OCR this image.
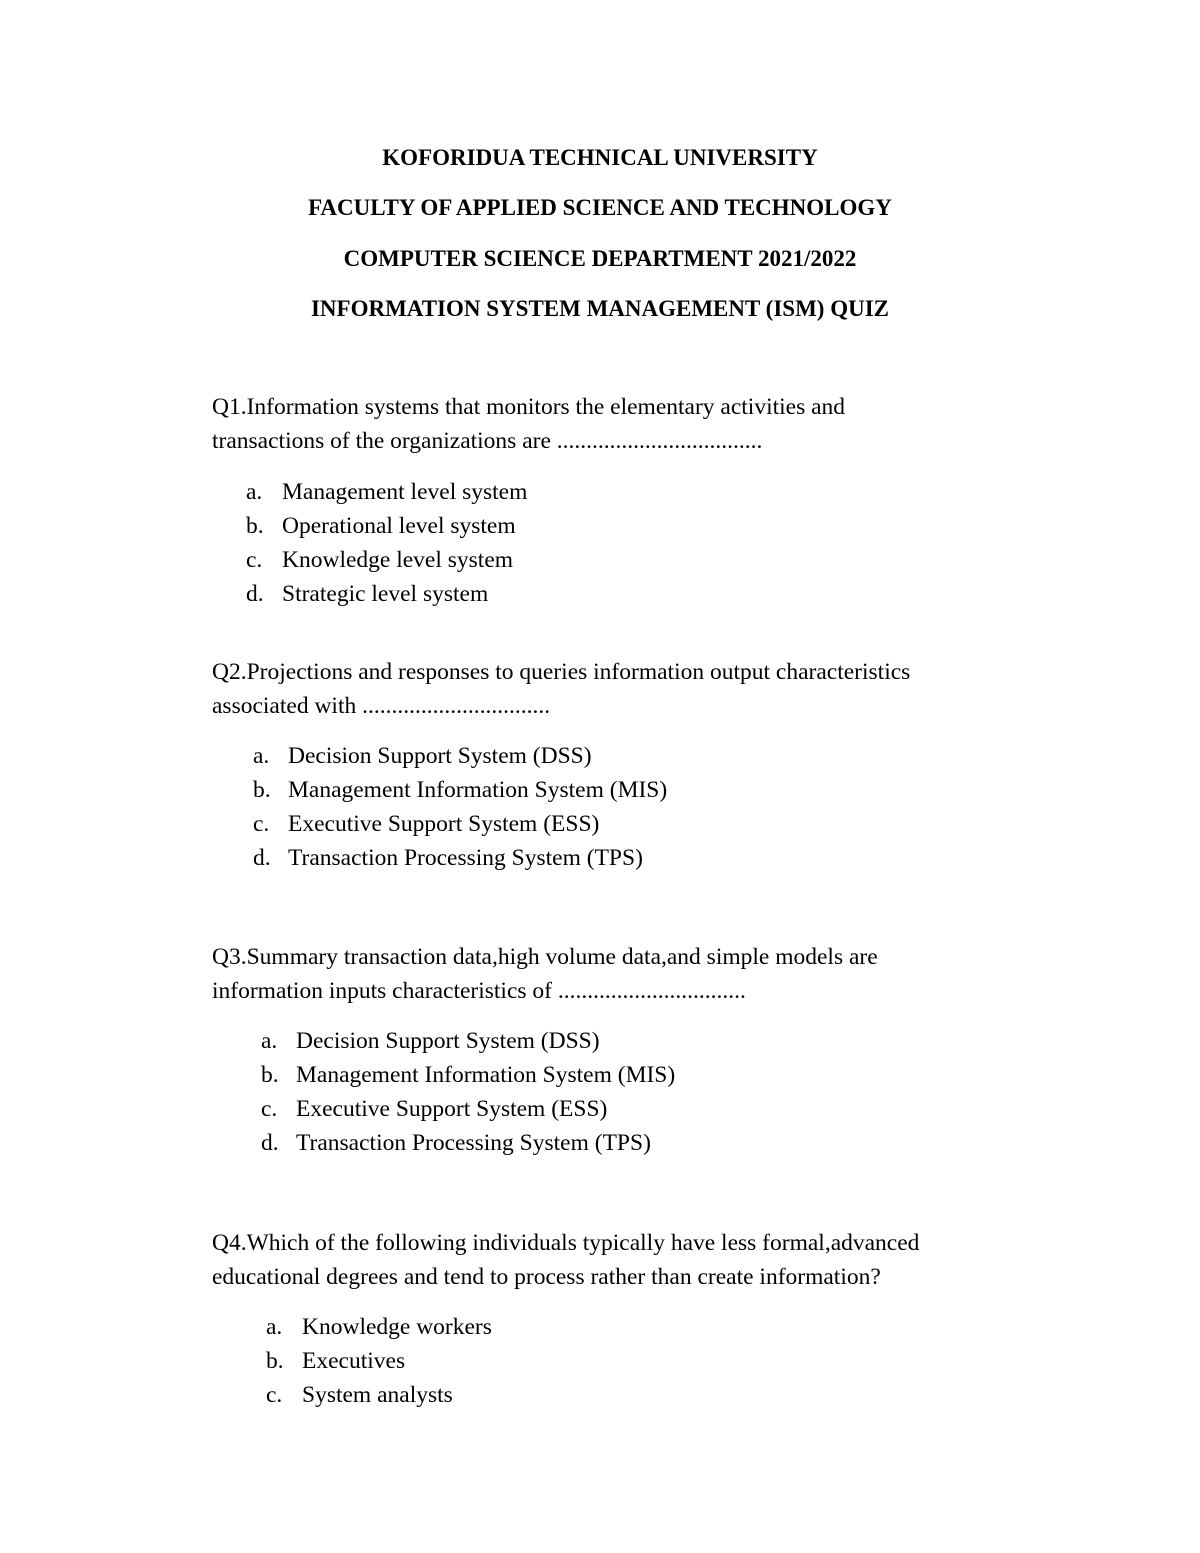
KOFORIDUA TECHNICAL UNIVERSITY
FACULTY OF APPLIED SCIENCE AND TECHNOLOGY
COMPUTER SCIENCE DEPARTMENT 2021/2022
INFORMATION SYSTEM MANAGEMENT (ISM) QUIZ
Q1.Information systems that monitors the elementary activities and
transactions of the organizations are ...................................
a. Management level system
b. Operational level system
c. Knowledge level system
d. Strategic level system
Q2.Projections and responses to queries information output characteristics
associated with ................................
a. Decision Support System (DSS)
b. Management Information System (MIS)
c. Executive Support System (ESS)
d. Transaction Processing System (TPS)
Q3.Summary transaction data,high volume data,and simple models are
information inputs characteristics of ................................
a. Decision Support System (DSS)
b. Management Information System (MIS)
c. Executive Support System (ESS)
d. Transaction Processing System (TPS)
Q4.Which of the following individuals typically have less formal,advanced
educational degrees and tend to process rather than create information?
a. Knowledge workers
b. Executives
c. System analysts
